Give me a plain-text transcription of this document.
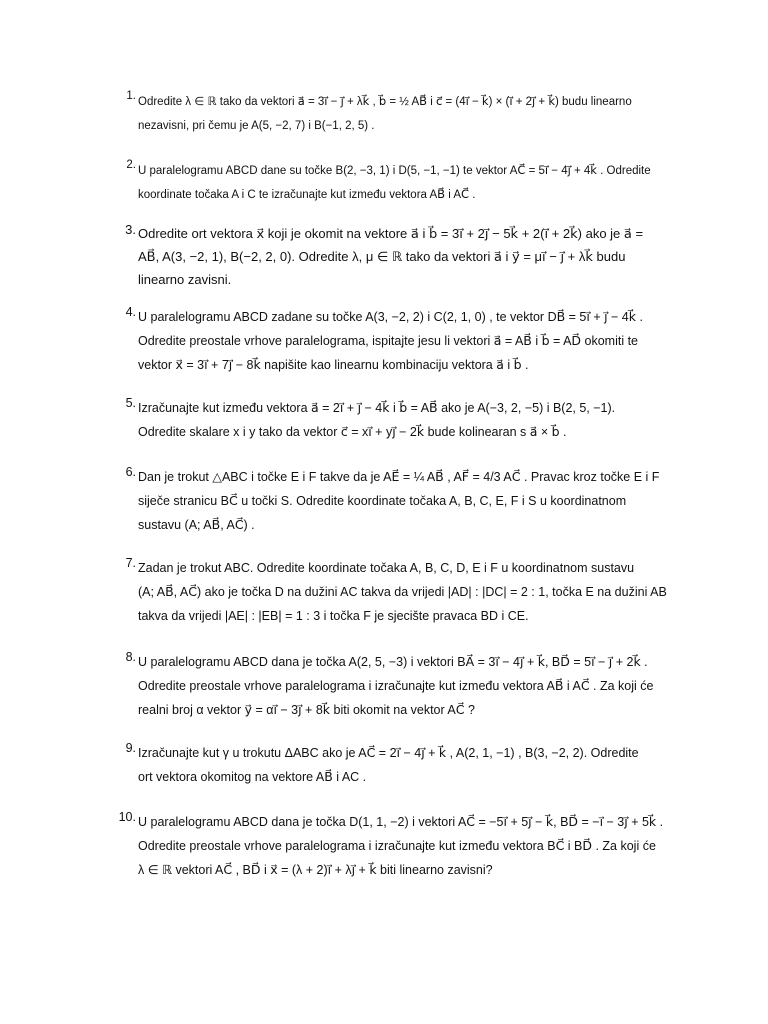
1. Odredite λ ∈ ℝ tako da vektori a⃗ = 3i⃗ − j⃗ + λk⃗ , b⃗ = ½ AB⃗ i c⃗ = (4i⃗ − k⃗) × (i⃗ + 2j⃗ + k⃗) budu linearno
nezavisni, pri čemu je A(5, −2, 7) i B(−1, 2, 5) .
2. U paralelogramu ABCD dane su točke B(2, −3, 1) i D(5, −1, −1) te vektor AC⃗ = 5i⃗ − 4j⃗ + 4k⃗ . Odredite
koordinate točaka A i C te izračunajte kut između vektora AB⃗ i AC⃗ .
3. Odredite ort vektora x⃗ koji je okomit na vektore a⃗ i b⃗ = 3i⃗ + 2j⃗ − 5k⃗ + 2(i⃗ + 2k⃗) ako je a⃗ =
AB⃗, A(3, −2, 1), B(−2, 2, 0). Odredite λ, μ ∈ ℝ tako da vektori a⃗ i y⃗ = μi⃗ − j⃗ + λk⃗ budu
linearno zavisni.
4. U paralelogramu ABCD zadane su točke A(3, −2, 2) i C(2, 1, 0) , te vektor DB⃗ = 5i⃗ + j⃗ − 4k⃗ .
Odredite preostale vrhove paralelograma, ispitajte jesu li vektori a⃗ = AB⃗ i b⃗ = AD⃗ okomiti te
vektor x⃗ = 3i⃗ + 7j⃗ − 8k⃗ napišite kao linearnu kombinaciju vektora a⃗ i b⃗ .
5. Izračunajte kut između vektora a⃗ = 2i⃗ + j⃗ − 4k⃗ i b⃗ = AB⃗ ako je A(−3, 2, −5) i B(2, 5, −1).
Odredite skalare x i y tako da vektor c⃗ = xi⃗ + yj⃗ − 2k⃗ bude kolinearan s a⃗ × b⃗ .
6. Dan je trokut △ABC i točke E i F takve da je AE⃗ = ¼ AB⃗ , AF⃗ = 4/3 AC⃗ . Pravac kroz točke E i F
siječe stranicu BC⃗ u točki S. Odredite koordinate točaka A, B, C, E, F i S u koordinatnom
sustavu (A; AB⃗, AC⃗) .
7. Zadan je trokut ABC. Odredite koordinate točaka A, B, C, D, E i F u koordinatnom sustavu
(A; AB⃗, AC⃗) ako je točka D na dužini AC takva da vrijedi |AD| : |DC| = 2 : 1, točka E na dužini AB
takva da vrijedi |AE| : |EB| = 1 : 3 i točka F je sjecište pravaca BD i CE.
8. U paralelogramu ABCD dana je točka A(2, 5, −3) i vektori BA⃗ = 3i⃗ − 4j⃗ + k⃗, BD⃗ = 5i⃗ − j⃗ + 2k⃗ .
Odredite preostale vrhove paralelograma i izračunajte kut između vektora AB⃗ i AC⃗ . Za koji će
realni broj α vektor y⃗ = αi⃗ − 3j⃗ + 8k⃗ biti okomit na vektor AC⃗ ?
9. Izračunajte kut γ u trokutu ΔABC ako je AC⃗ = 2i⃗ − 4j⃗ + k⃗ , A(2, 1, −1) , B(3, −2, 2). Odredite
ort vektora okomitog na vektore AB⃗ i AC .
10. U paralelogramu ABCD dana je točka D(1, 1, −2) i vektori AC⃗ = −5i⃗ + 5j⃗ − k⃗, BD⃗ = −i⃗ − 3j⃗ + 5k⃗ .
Odredite preostale vrhove paralelograma i izračunajte kut između vektora BC⃗ i BD⃗ . Za koji će
λ ∈ ℝ vektori AC⃗ , BD⃗ i x⃗ = (λ + 2)i⃗ + λj⃗ + k⃗ biti linearno zavisni?
